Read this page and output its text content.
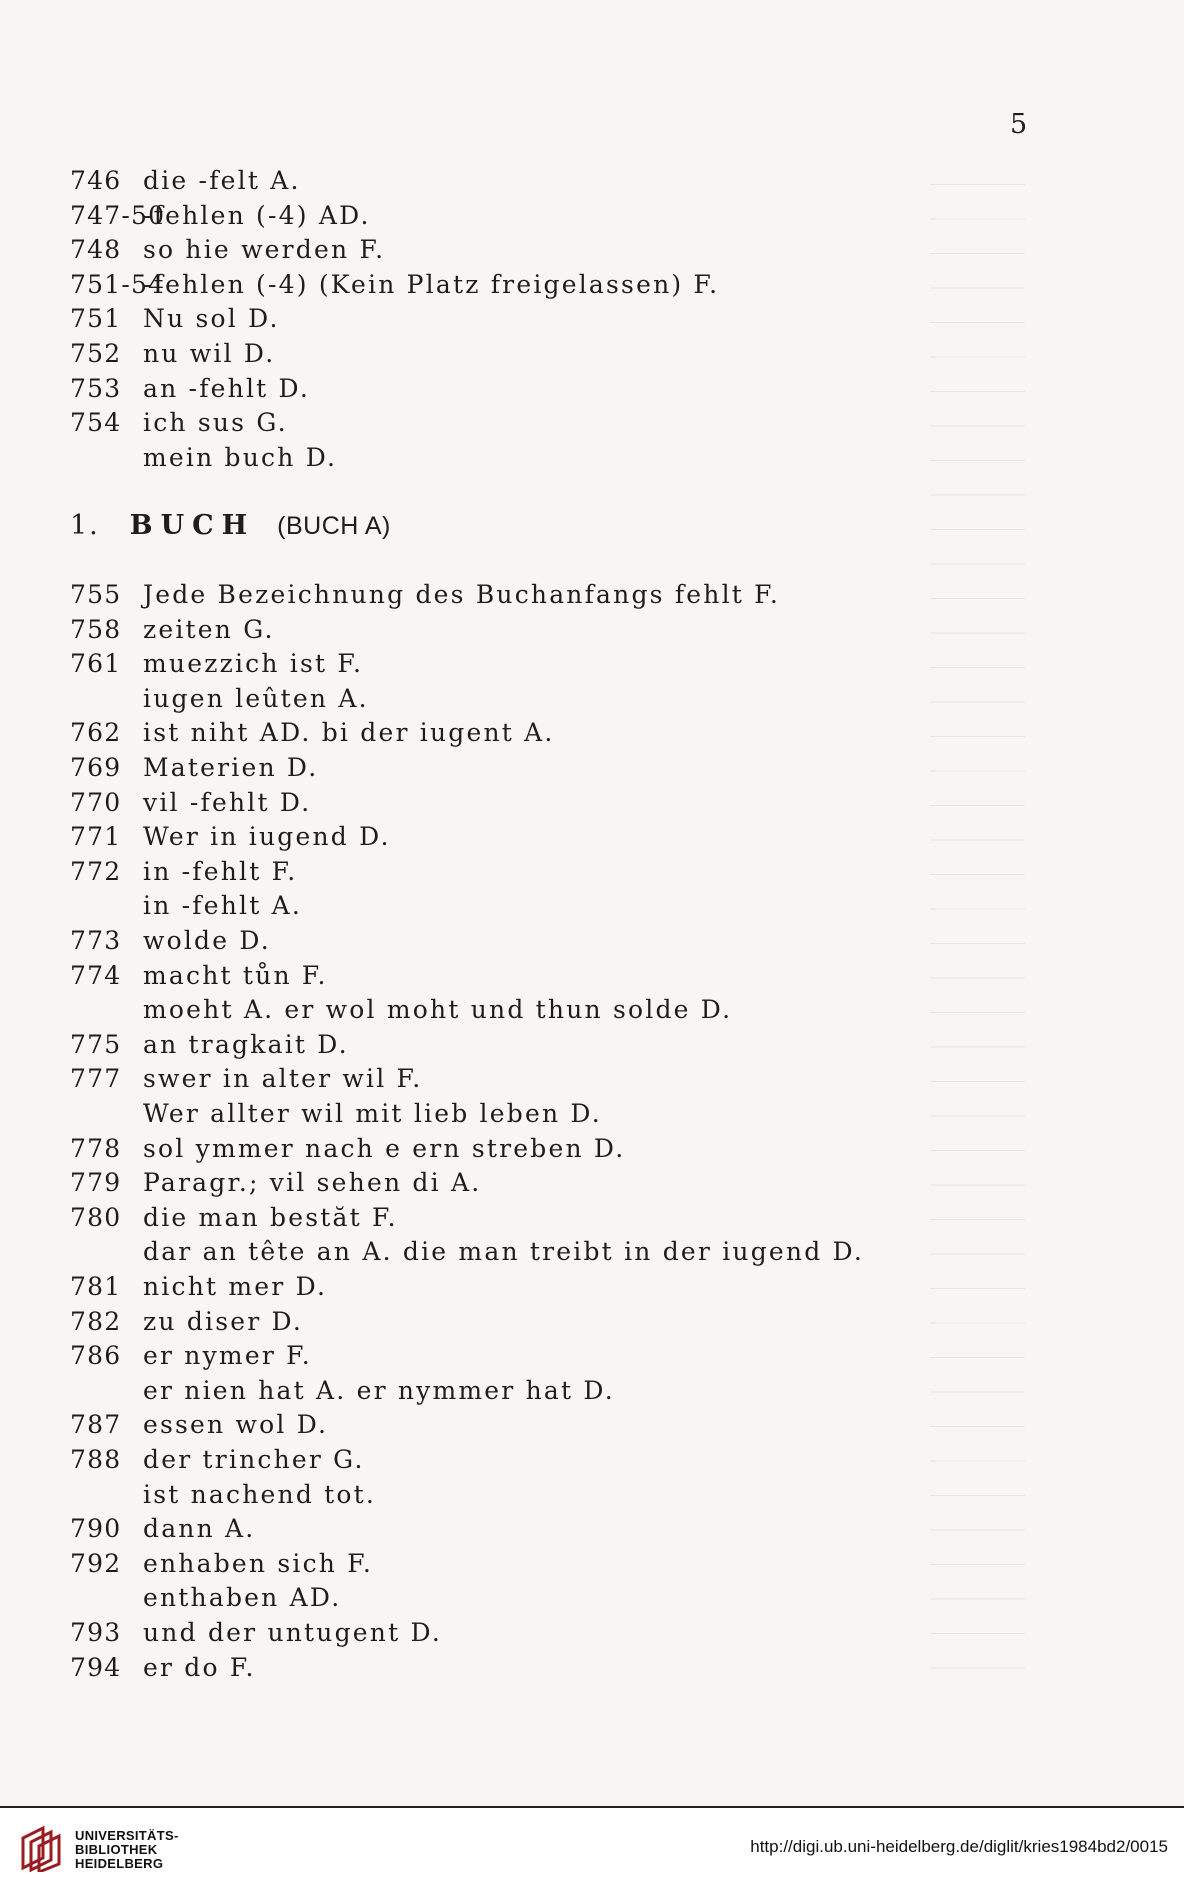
5
746 die -felt A.
747-50
-fehlen (-4) AD.
748 so hie werden F.
751-54
-fehlen (-4) (Kein Platz freigelassen) F.
751 Nu sol D.
752 nu wil D.
753 an -fehlt D.
754 ich sus G.
mein buch D.
1. BUCH (BUCH A)
755 Jede Bezeichnung des Buchanfangs fehlt F.
758 zeiten G.
761 muezzich ist F.
iugen leûten A.
762 ist niht AD. bi der iugent A.
769 Materien D.
770 vil -fehlt D.
771 Wer in iugend D.
772 in -fehlt F.
in -fehlt A.
773 wolde D.
774 macht tůn F.
moeht A. er wol moht und thun solde D.
775 an tragkait D.
777 swer in alter wil F.
Wer allter wil mit lieb leben D.
778 sol ymmer nach e ern streben D.
779 Paragr.; vil sehen di A.
780 die man bestăt F.
dar an tête an A. die man treibt in der iugend D.
781 nicht mer D.
782 zu diser D.
786 er nymer F.
er nien hat A. er nymmer hat D.
787 essen wol D.
788 der trincher G.
ist nachend tot.
790 dann A.
792 enhaben sich F.
enthaben AD.
793 und der untugent D.
794 er do F.
UNIVERSITÄTS-
BIBLIOTHEK
HEIDELBERG
http://digi.ub.uni-heidelberg.de/diglit/kries1984bd2/0015
